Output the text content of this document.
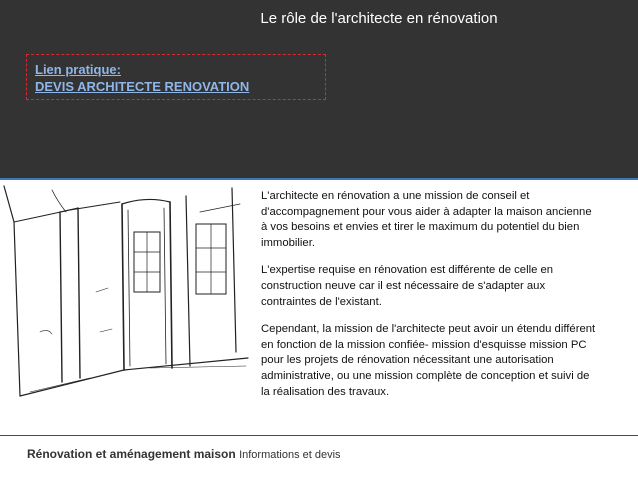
Le rôle de l'architecte en rénovation
Lien pratique:
DEVIS ARCHITECTE RENOVATION

L'architecte en rénovation a une mission de conseil et d'accompagnement pour vous aider à adapter la maison ancienne à vos besoins et envies et tirer le maximum du potentiel du bien immobilier.

L'expertise requise en rénovation est différente de celle en construction neuve car il est nécessaire de s'adapter aux contraintes de l'existant.

Cependant, la mission de l'architecte peut avoir un étendu différent en fonction de la mission confiée- mission d'esquisse mission PC pour les projets de rénovation nécessitant une autorisation administrative, ou une mission complète de conception et suivi de la réalisation des travaux.

Rénovation et aménagement maison Informations et devis
